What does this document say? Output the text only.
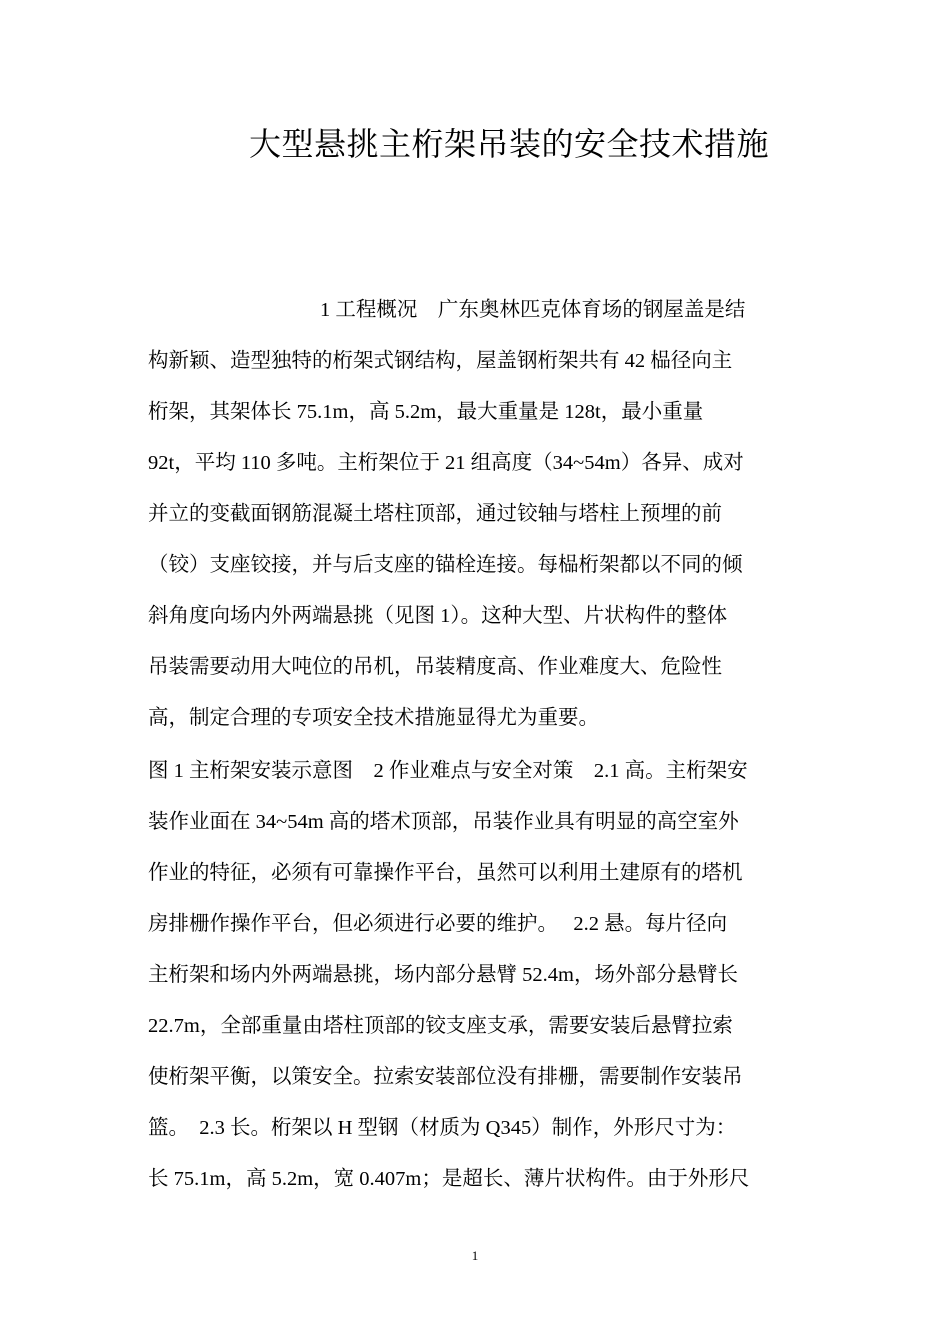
大型悬挑主桁架吊装的安全技术措施
1 工程概况　广东奥林匹克体育场的钢屋盖是结
构新颖、造型独特的桁架式钢结构，屋盖钢桁架共有 42 榀径向主
桁架，其架体长 75.1m，高 5.2m，最大重量是 128t，最小重量
92t，平均 110 多吨。主桁架位于 21 组高度（34~54m）各异、成对
并立的变截面钢筋混凝土塔柱顶部，通过铰轴与塔柱上预埋的前
（铰）支座铰接，并与后支座的锚栓连接。每榀桁架都以不同的倾
斜角度向场内外两端悬挑（见图 1）。这种大型、片状构件的整体
吊装需要动用大吨位的吊机，吊装精度高、作业难度大、危险性
高，制定合理的专项安全技术措施显得尤为重要。
图 1 主桁架安装示意图　2 作业难点与安全对策　2.1 高。主桁架安
装作业面在 34~54m 高的塔术顶部，吊装作业具有明显的高空室外
作业的特征，必须有可靠操作平台，虽然可以利用土建原有的塔机
房排栅作操作平台，但必须进行必要的维护。　 2.2 悬。每片径向
主桁架和场内外两端悬挑，场内部分悬臂 52.4m，场外部分悬臂长
22.7m，全部重量由塔柱顶部的铰支座支承，需要安装后悬臂拉索
使桁架平衡，以策安全。拉索安装部位没有排栅，需要制作安装吊
篮。　2.3 长。桁架以 H 型钢（材质为 Q345）制作，外形尺寸为：
长 75.1m，高 5.2m，宽 0.407m；是超长、薄片状构件。由于外形尺
1
